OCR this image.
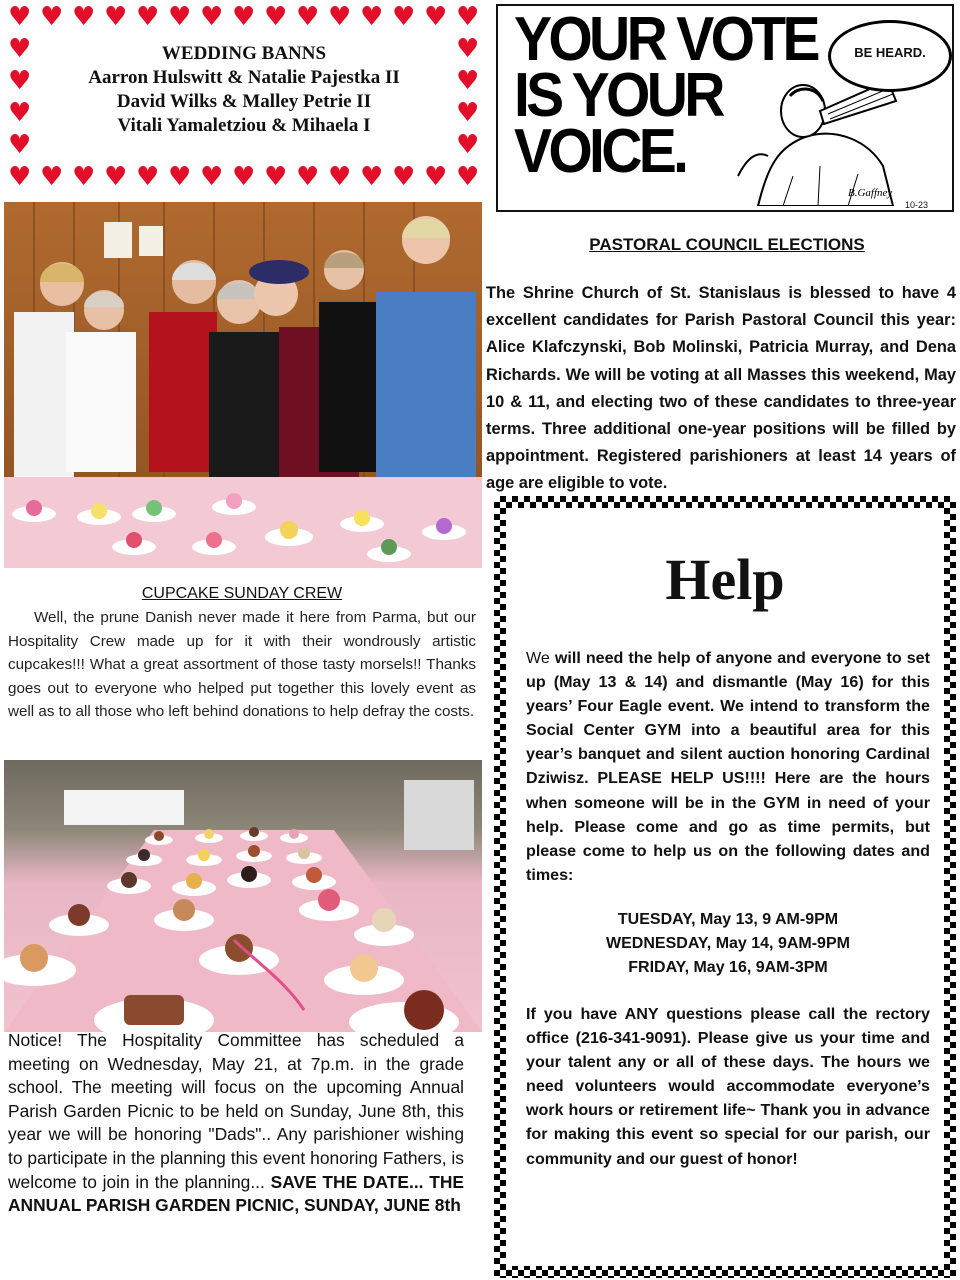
♥
♥
♥
♥
♥
♥
♥
♥
♥
♥
♥
♥
♥
♥
♥
♥
♥
♥
♥
♥
♥
♥
♥
♥
♥
♥
♥
♥
♥
♥
♥	♥
♥	♥
♥	♥
♥	♥
WEDDING BANNS
Aarron Hulswitt & Natalie Pajestka II
David Wilks & Malley Petrie II
Vitali Yamaletziou & Mihaela I
YOUR VOTE
IS YOUR
VOICE.
B.Gaffney
BE HEARD.
10-23
PASTORAL COUNCIL ELECTIONS
The Shrine Church of St. Stanislaus is blessed to have 4 excellent candidates for Parish Pastoral Council this year: Alice Klafczynski, Bob Molinski, Patricia Murray, and Dena Richards. We will be voting at all Masses this weekend, May 10 & 11, and electing two of these candidates to three-year terms. Three additional one-year positions will be filled by appointment. Registered parishioners at least 14 years of age are eligible to vote.
CUPCAKE SUNDAY CREW
Well, the prune Danish never made it here from Parma, but our Hospitality Crew made up for it with their wondrously artistic cupcakes!!! What a great assortment of those tasty morsels!! Thanks goes out to everyone who helped put together this lovely event as well as to all those who left behind donations to help defray the costs.
Notice! The Hospitality Committee has scheduled a meeting on Wednesday, May 21, at 7p.m. in the grade school. The meeting will focus on the upcoming Annual Parish Garden Picnic to be held on Sunday, June 8th, this year we will be honoring "Dads".. Any parishioner wishing to participate in the planning this event honoring Fathers, is welcome to join in the planning... SAVE THE DATE... THE ANNUAL PARISH GARDEN PICNIC, SUNDAY, JUNE 8th
Help
We will need the help of anyone and everyone to set up (May 13 & 14) and dismantle (May 16) for this years’ Four Eagle event. We intend to transform the Social Center GYM into a beautiful area for this year’s banquet and silent auction honoring Cardinal Dziwisz. PLEASE HELP US!!!! Here are the hours when someone will be in the GYM in need of your help. Please come and go as time permits, but please come to help us on the following dates and times:
TUESDAY, May 13, 9 AM-9PM
WEDNESDAY, May 14, 9AM-9PM
FRIDAY, May 16, 9AM-3PM
If you have ANY questions please call the rectory office (216-341-9091). Please give us your time and your talent any or all of these days. The hours we need volunteers would accommodate everyone’s work hours or retirement life~ Thank you in advance for making this event so special for our parish, our community and our guest of honor!
